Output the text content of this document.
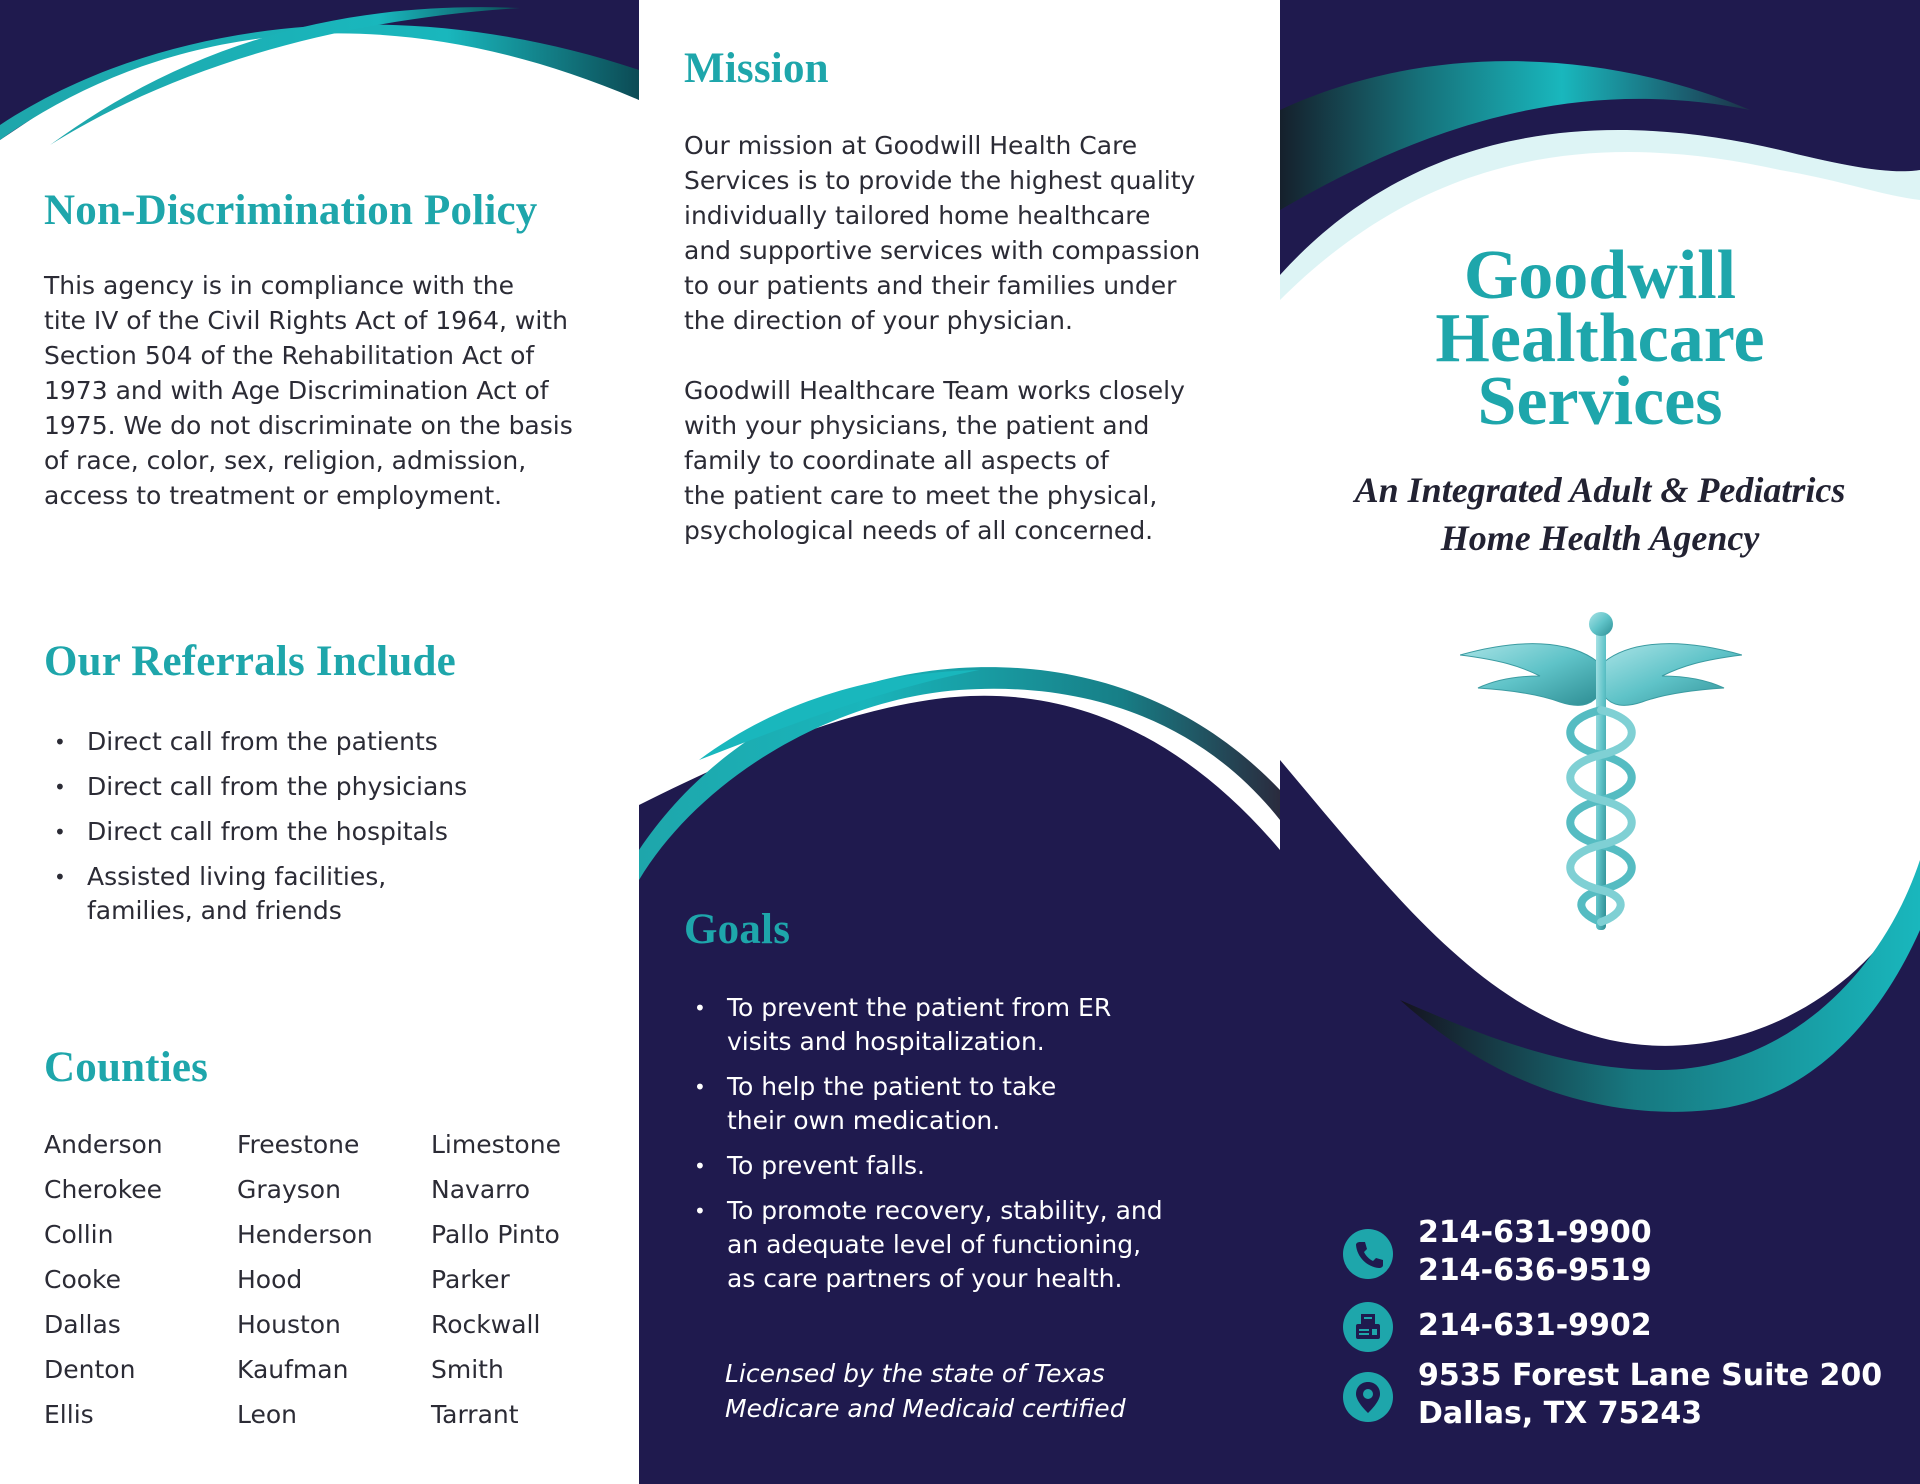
Non-Discrimination Policy
This agency is in compliance with the
tite IV of the Civil Rights Act of 1964, with
Section 504 of the Rehabilitation Act of
1973 and with Age Discrimination Act of
1975. We do not discriminate on the basis
of race, color, sex, religion, admission,
access to treatment or employment.
Our Referrals Include
• Direct call from the patients
• Direct call from the physicians
• Direct call from the hospitals
• Assisted living facilities,
families, and friends
Counties
Anderson
Cherokee
Collin
Cooke
Dallas
Denton
Ellis
Freestone
Grayson
Henderson
Hood
Houston
Kaufman
Leon
Limestone
Navarro
Pallo Pinto
Parker
Rockwall
Smith
Tarrant
Mission
Our mission at Goodwill Health Care
Services is to provide the highest quality
individually tailored home healthcare
and supportive services with compassion
to our patients and their families under
the direction of your physician.
Goodwill Healthcare Team works closely
with your physicians, the patient and
family to coordinate all aspects of
the patient care to meet the physical,
psychological needs of all concerned.
Goals
• To prevent the patient from ER
visits and hospitalization.
• To help the patient to take
their own medication.
• To prevent falls.
• To promote recovery, stability, and
an adequate level of functioning,
as care partners of your health.
Licensed by the state of Texas
Medicare and Medicaid certified
Goodwill
Healthcare
Services
An Integrated Adult & Pediatrics
Home Health Agency
214-631-9900
214-636-9519
214-631-9902
9535 Forest Lane Suite 200
Dallas, TX 75243
